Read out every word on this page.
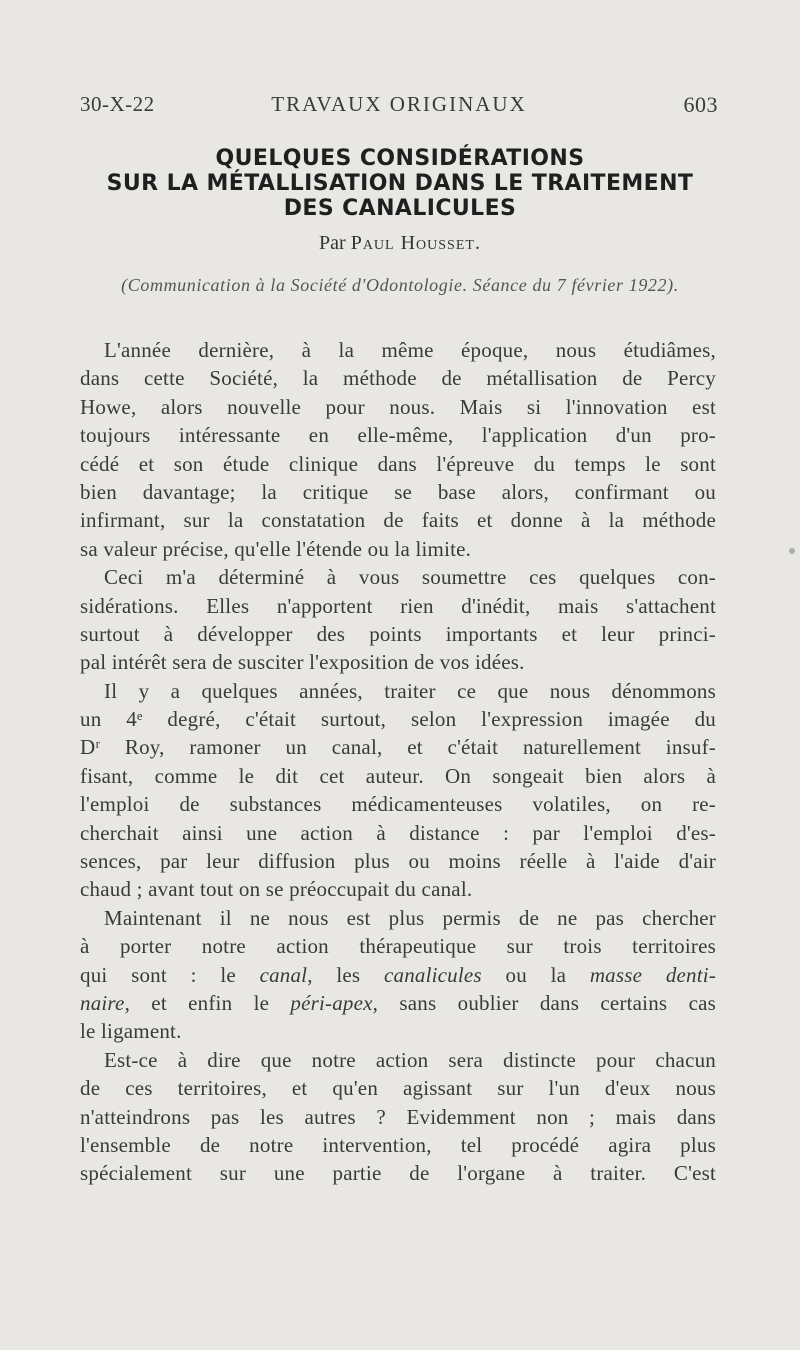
30-X-22	TRAVAUX ORIGINAUX	603
QUELQUES CONSIDÉRATIONS
SUR LA MÉTALLISATION DANS LE TRAITEMENT
DES CANALICULES
Par Paul Housset.
(Communication à la Société d'Odontologie. Séance du 7 février 1922).
L'année dernière, à la même époque, nous étudiâmes,
dans cette Société, la méthode de métallisation de Percy
Howe, alors nouvelle pour nous. Mais si l'innovation est
toujours intéressante en elle-même, l'application d'un pro-
cédé et son étude clinique dans l'épreuve du temps le sont
bien davantage; la critique se base alors, confirmant ou
infirmant, sur la constatation de faits et donne à la méthode
sa valeur précise, qu'elle l'étende ou la limite.
Ceci m'a déterminé à vous soumettre ces quelques con-
sidérations. Elles n'apportent rien d'inédit, mais s'attachent
surtout à développer des points importants et leur princi-
pal intérêt sera de susciter l'exposition de vos idées.
Il y a quelques années, traiter ce que nous dénommons
un 4ᵉ degré, c'était surtout, selon l'expression imagée du
Dʳ Roy, ramoner un canal, et c'était naturellement insuf-
fisant, comme le dit cet auteur. On songeait bien alors à
l'emploi de substances médicamenteuses volatiles, on re-
cherchait ainsi une action à distance : par l'emploi d'es-
sences, par leur diffusion plus ou moins réelle à l'aide d'air
chaud ; avant tout on se préoccupait du canal.
Maintenant il ne nous est plus permis de ne pas chercher
à porter notre action thérapeutique sur trois territoires
qui sont : le canal, les canalicules ou la masse denti-
naire, et enfin le péri-apex, sans oublier dans certains cas
le ligament.
Est-ce à dire que notre action sera distincte pour chacun
de ces territoires, et qu'en agissant sur l'un d'eux nous
n'atteindrons pas les autres ? Evidemment non ; mais dans
l'ensemble de notre intervention, tel procédé agira plus
spécialement sur une partie de l'organe à traiter. C'est
